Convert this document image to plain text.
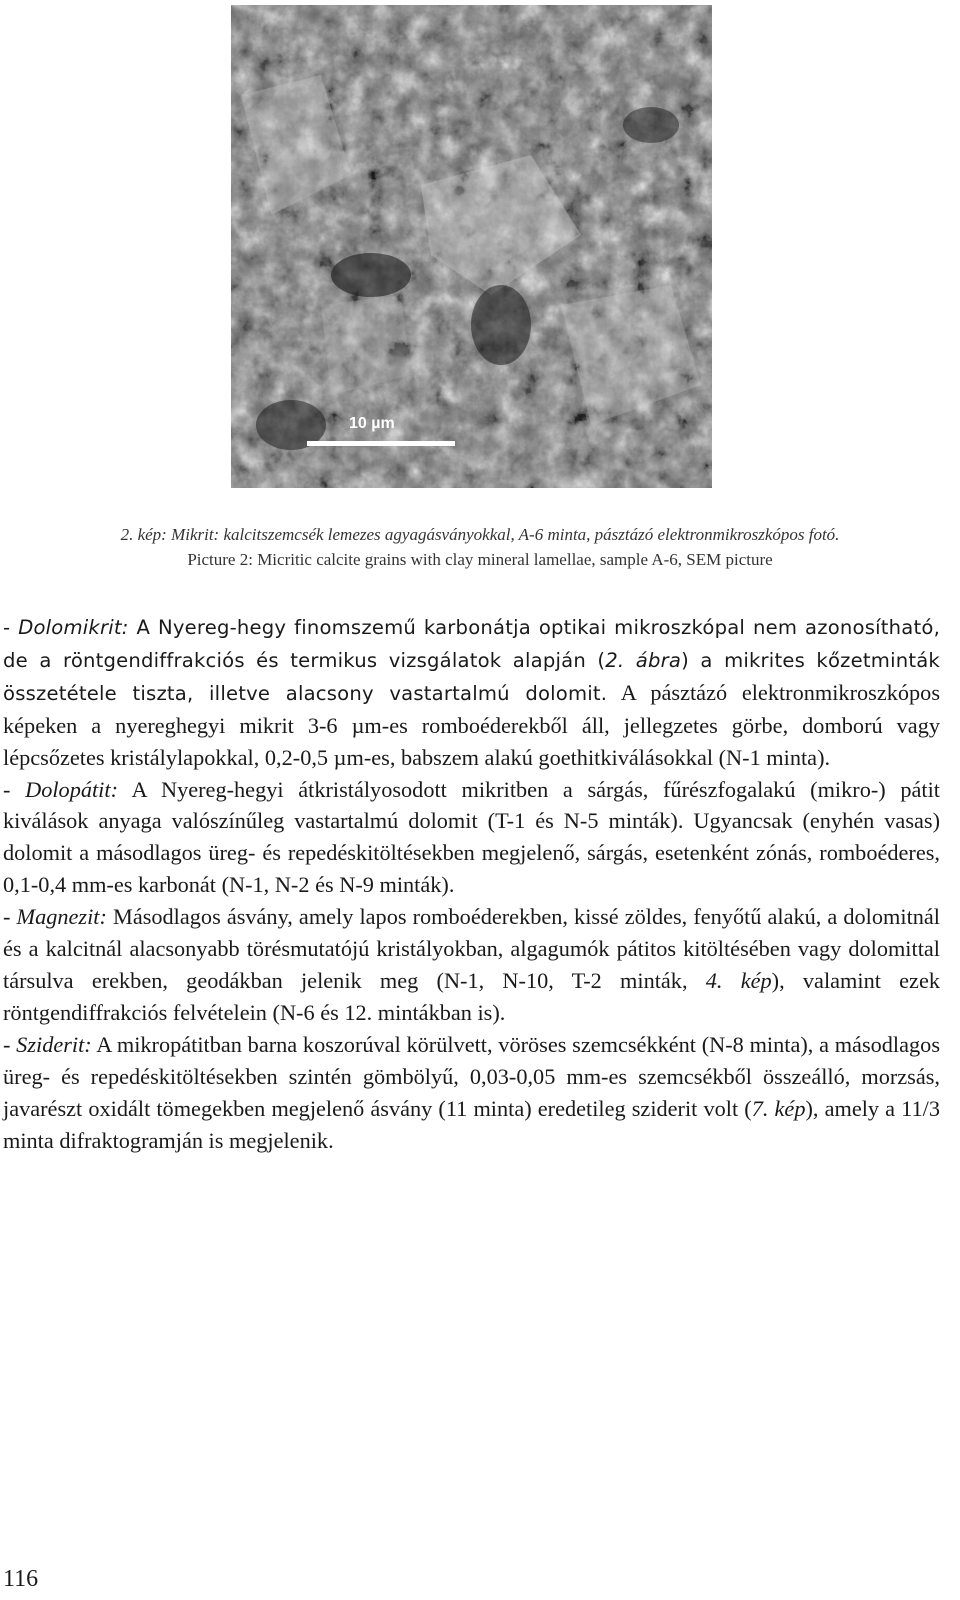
10 µm
2. kép: Mikrit: kalcitszemcsék lemezes agyagásványokkal, A-6 minta, pásztázó elektronmikroszkópos fotó.
Picture 2: Micritic calcite grains with clay mineral lamellae, sample A-6, SEM picture

- Dolomikrit: A Nyereg-hegy finomszemű karbonátja optikai mikroszkópal nem azonosítható, de a röntgendiffrakciós és termikus vizsgálatok alapján (2. ábra) a mikrites kőzetminták összetétele tiszta, illetve alacsony vastartalmú dolomit. A pásztázó elektronmikroszkópos képeken a nyereghegyi mikrit 3-6 µm-es romboéderekből áll, jellegzetes görbe, domború vagy lépcsőzetes kristálylapokkal, 0,2-0,5 µm-es, babszem alakú goethitkiválásokkal (N-1 minta).

- Dolopátit: A Nyereg-hegyi átkristályosodott mikritben a sárgás, fűrészfogalakú (mikro-) pátit kiválások anyaga valószínűleg vastartalmú dolomit (T-1 és N-5 minták). Ugyancsak (enyhén vasas) dolomit a másodlagos üreg- és repedéskitöltésekben megjelenő, sárgás, esetenként zónás, romboéderes, 0,1-0,4 mm-es karbonát (N-1, N-2 és N-9 minták).

- Magnezit: Másodlagos ásvány, amely lapos romboéderekben, kissé zöldes, fenyőtű alakú, a dolomitnál és a kalcitnál alacsonyabb törésmutatójú kristályokban, algagumók pátitos kitöltésében vagy dolomittal társulva erekben, geodákban jelenik meg (N-1, N-10, T-2 minták, 4. kép), valamint ezek röntgendiffrakciós felvételein (N-6 és 12. mintákban is).

- Sziderit: A mikropátitban barna koszorúval körülvett, vöröses szemcsékként (N-8 minta), a másodlagos üreg- és repedéskitöltésekben szintén gömbölyű, 0,03-0,05 mm-es szemcsékből összeálló, morzsás, javarészt oxidált tömegekben megjelenő ásvány (11 minta) eredetileg sziderit volt (7. kép), amely a 11/3 minta difraktogramján is megjelenik.

116
